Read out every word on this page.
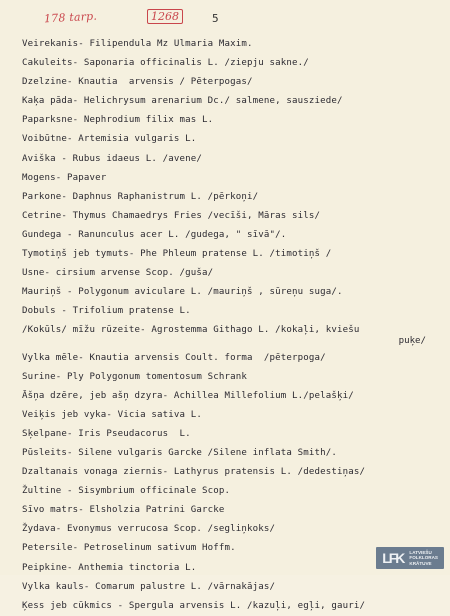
178 tarp.	1268	5
Veirekanis- Filipendula Mz Ulmaria Maxim.
Cakuleits- Saponaria officinalis L. /ziepju sakne./
Dzelzine- Knautia  arvensis / Pēterpogas/
Kaķa pāda- Helichrysum arenarium Dc./ salmene, sausziede/
Paparksne- Nephrodium filix mas L.
Voibūtne- Artemisia vulgaris L.
Aviška - Rubus idaeus L. /avene/
Mogens- Papaver
Parkone- Daphnus Raphanistrum L. /pērkoņi/
Cetrine- Thymus Chamaedrys Fries /vecīši, Māras sils/
Gundega - Ranunculus acer L. /gudega, " sīvā"/.
Tymotiņš jeb tymuts- Phe Phleum pratense L. /timotiņš /
Usne- cirsium arvense Scop. /guša/
Mauriņš - Polygonum aviculare L. /mauriņš , sūreņu suga/.
Dobuls - Trifolium pratense L.
/Kokūls/ mīžu rūzeite- Agrostemma Githago L. /kokaļi, kviešu
puķe/
Vylka mēle- Knautia arvensis Coult. forma  /pēterpoga/
Surine- Ply Polygonum tomentosum Schrank
Āšņa dzēre, jeb ašņ dzyra- Achillea Millefolium L./pelašķi/
Veiķis jeb vyka- Vicia sativa L.
Sķelpane- Iris Pseudacorus  L.
Pūsleits- Silene vulgaris Garcke /Silene inflata Smith/.
Dzaltanais vonaga ziernis- Lathyrus pratensis L. /dedestiņas/
Žultine - Sisymbrium officinale Scop.
Sīvo matrs- Elsholzia Patrini Garcke
Žydava- Evonymus verrucosa Scop. /segliņkoks/
Petersile- Petroselinum sativum Hoffm.
Peipkine- Anthemia tinctoria L.
Vylka kauls- Comarum palustre L. /vārnakājas/
Ķess jeb cūkmics - Spergula arvensis L. /kazuļi, egļi, gauri/
LFK LATVIEŠU
FOLKLORAS
KRĀTUVE
